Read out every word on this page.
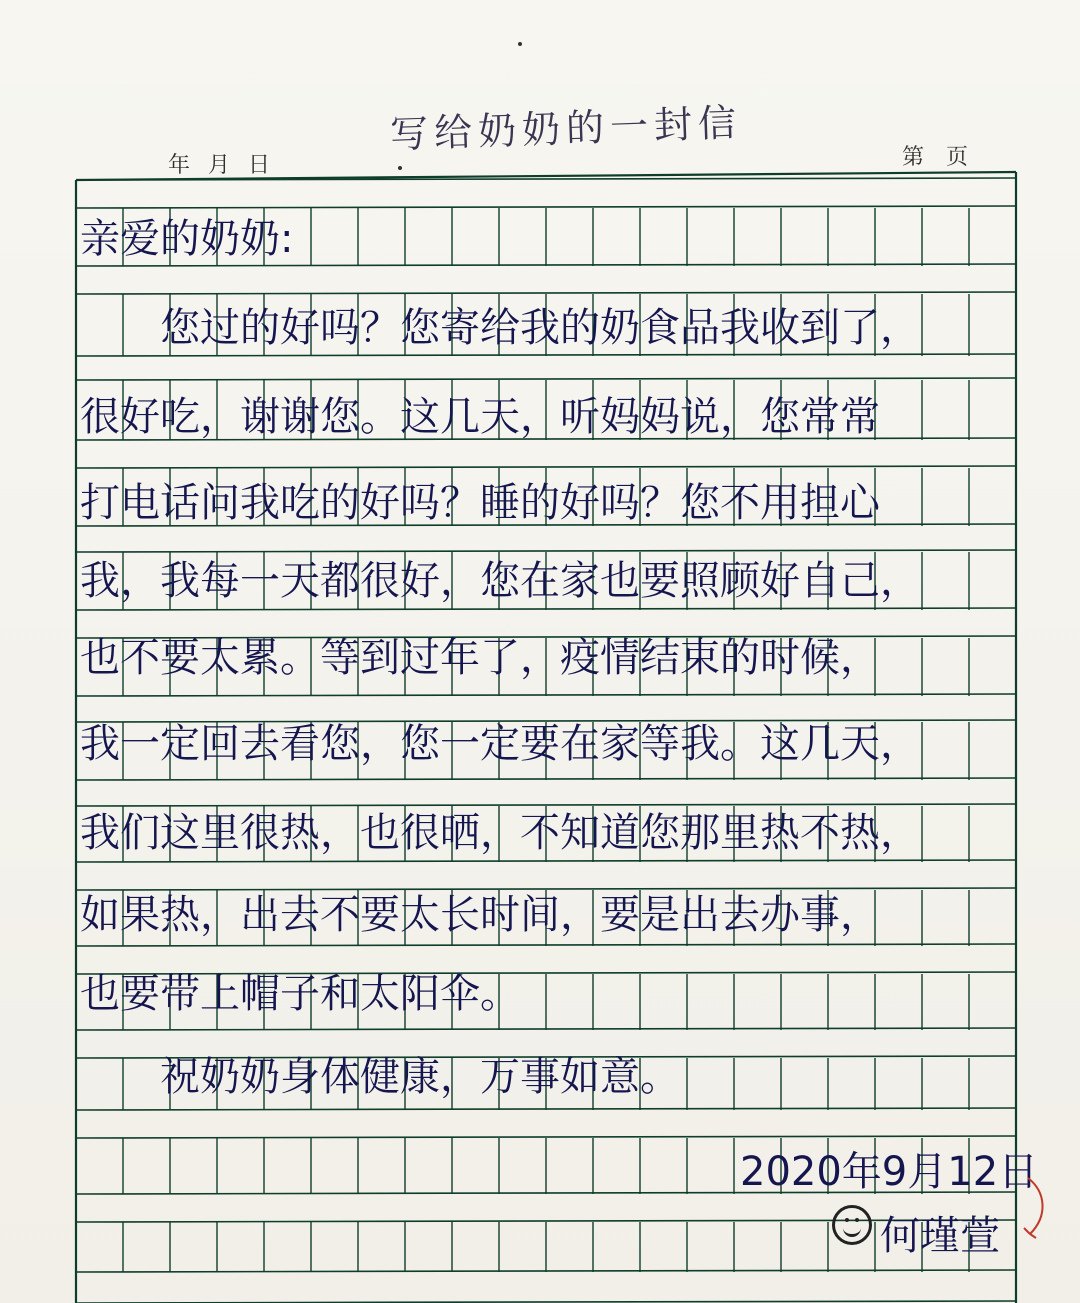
写给奶奶的一封信
年月日	第页
亲爱的奶奶:
　　您过的好吗？您寄给我的奶食品我收到了，
很好吃，谢谢您。这几天，听妈妈说，您常常
打电话问我吃的好吗？睡的好吗？您不用担心
我，我每一天都很好，您在家也要照顾好自己，
也不要太累。等到过年了，疫情结束的时候，
我一定回去看您，您一定要在家等我。这几天，
我们这里很热，也很晒，不知道您那里热不热，
如果热，出去不要太长时间，要是出去办事，
也要带上帽子和太阳伞。
　　祝奶奶身体健康，万事如意。
2020年9月12日
何瑾萱
